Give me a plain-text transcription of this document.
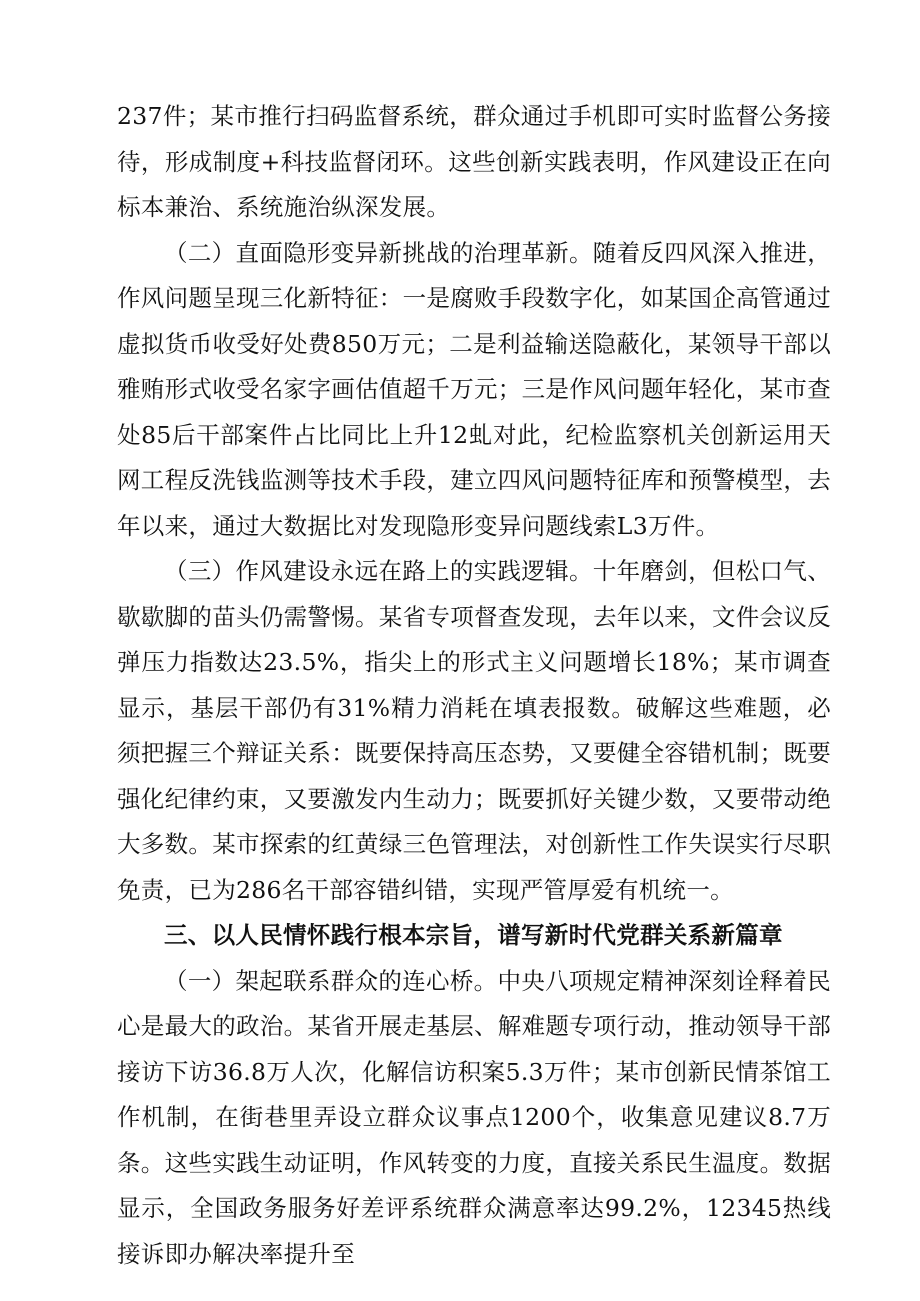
237件；某市推行扫码监督系统，群众通过手机即可实时监督公务接待，形成制度+科技监督闭环。这些创新实践表明，作风建设正在向标本兼治、系统施治纵深发展。

（二）直面隐形变异新挑战的治理革新。随着反四风深入推进，作风问题呈现三化新特征：一是腐败手段数字化，如某国企高管通过虚拟货币收受好处费850万元；二是利益输送隐蔽化，某领导干部以雅贿形式收受名家字画估值超千万元；三是作风问题年轻化，某市查处85后干部案件占比同比上升12虬对此，纪检监察机关创新运用天网工程反洗钱监测等技术手段，建立四风问题特征库和预警模型，去年以来，通过大数据比对发现隐形变异问题线索L3万件。

（三）作风建设永远在路上的实践逻辑。十年磨剑，但松口气、歇歇脚的苗头仍需警惕。某省专项督查发现，去年以来，文件会议反弹压力指数达23.5%，指尖上的形式主义问题增长18%；某市调查显示，基层干部仍有31%精力消耗在填表报数。破解这些难题，必须把握三个辩证关系：既要保持高压态势，又要健全容错机制；既要强化纪律约束，又要激发内生动力；既要抓好关键少数，又要带动绝大多数。某市探索的红黄绿三色管理法，对创新性工作失误实行尽职免责，已为286名干部容错纠错，实现严管厚爱有机统一。

三、以人民情怀践行根本宗旨，谱写新时代党群关系新篇章

（一）架起联系群众的连心桥。中央八项规定精神深刻诠释着民心是最大的政治。某省开展走基层、解难题专项行动，推动领导干部接访下访36.8万人次，化解信访积案5.3万件；某市创新民情茶馆工作机制，在街巷里弄设立群众议事点1200个，收集意见建议8.7万条。这些实践生动证明，作风转变的力度，直接关系民生温度。数据显示，全国政务服务好差评系统群众满意率达99.2%，12345热线接诉即办解决率提升至
